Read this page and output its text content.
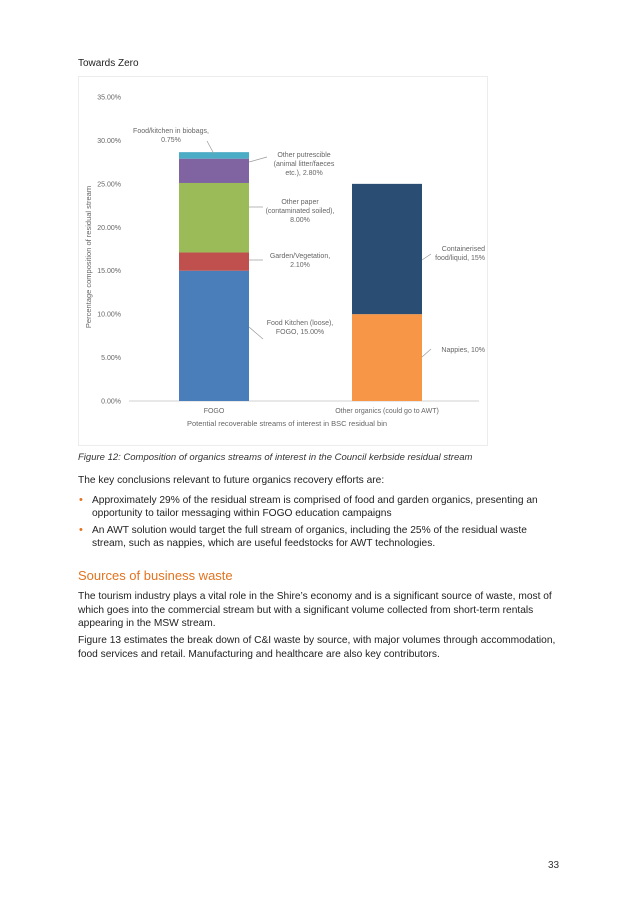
Towards Zero
0.00%
5.00%
10.00%
15.00%
20.00%
25.00%
30.00%
35.00%
Percentage composition of residual stream
FOGO	Other organics (could go to AWT)
Potential recoverable streams of interest in BSC residual bin
Food Kitchen (loose),
FOGO, 15.00%
Garden/Vegetation,
2.10%
Other paper
(contaminated soiled),
8.00%
Other putrescible
(animal litter/faeces
etc.), 2.80%
Food/kitchen in biobags,
0.75%
Nappies, 10%
Containerised
food/liquid, 15%
Figure 12: Composition of organics streams of interest in the Council kerbside residual stream
The key conclusions relevant to future organics recovery efforts are:
• Approximately 29% of the residual stream is comprised of food and garden organics, presenting an opportunity to tailor messaging within FOGO education campaigns
• An AWT solution would target the full stream of organics, including the 25% of the residual waste stream, such as nappies, which are useful feedstocks for AWT technologies.
Sources of business waste
The tourism industry plays a vital role in the Shire’s economy and is a significant source of waste, most of which goes into the commercial stream but with a significant volume collected from short-term rentals appearing in the MSW stream.
Figure 13 estimates the break down of C&I waste by source, with major volumes through accommodation, food services and retail. Manufacturing and healthcare are also key contributors.
33
